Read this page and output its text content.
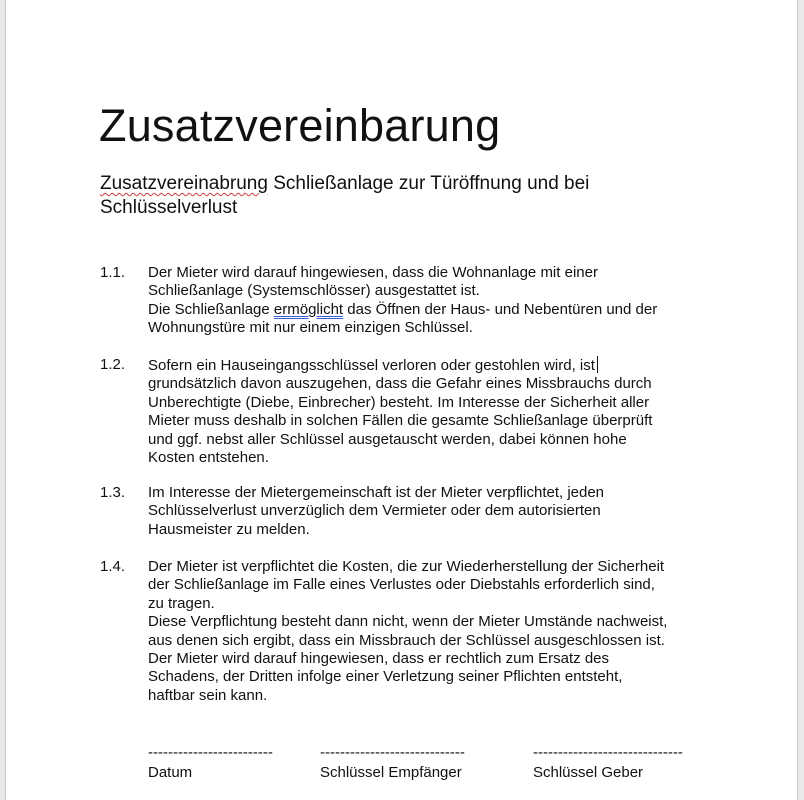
Zusatzvereinbarung
Zusatzvereinabrung Schließanlage zur Türöffnung und bei
Schlüsselverlust
1.1.	Der Mieter wird darauf hingewiesen, dass die Wohnanlage mit einer

Schließanlage (Systemschlösser) ausgestattet ist.

Die Schließanlage ermöglicht das Öffnen der Haus- und Nebentüren und der

Wohnungstüre mit nur einem einzigen Schlüssel.

1.2.	Sofern ein Hauseingangsschlüssel verloren oder gestohlen wird, ist

grundsätzlich davon auszugehen, dass die Gefahr eines Missbrauchs durch

Unberechtigte (Diebe, Einbrecher) besteht. Im Interesse der Sicherheit aller

Mieter muss deshalb in solchen Fällen die gesamte Schließanlage überprüft

und ggf. nebst aller Schlüssel ausgetauscht werden, dabei können hohe

Kosten entstehen.

1.3.	Im Interesse der Mietergemeinschaft ist der Mieter verpflichtet, jeden

Schlüsselverlust unverzüglich dem Vermieter oder dem autorisierten

Hausmeister zu melden.

1.4.	Der Mieter ist verpflichtet die Kosten, die zur Wiederherstellung der Sicherheit

der Schließanlage im Falle eines Verlustes oder Diebstahls erforderlich sind,

zu tragen.

Diese Verpflichtung besteht dann nicht, wenn der Mieter Umstände nachweist,

aus denen sich ergibt, dass ein Missbrauch der Schlüssel ausgeschlossen ist.

Der Mieter wird darauf hingewiesen, dass er rechtlich zum Ersatz des

Schadens, der Dritten infolge einer Verletzung seiner Pflichten entsteht,

haftbar sein kann.

-------------------------
Datum
-----------------------------
Schlüssel Empfänger
------------------------------
Schlüssel Geber
